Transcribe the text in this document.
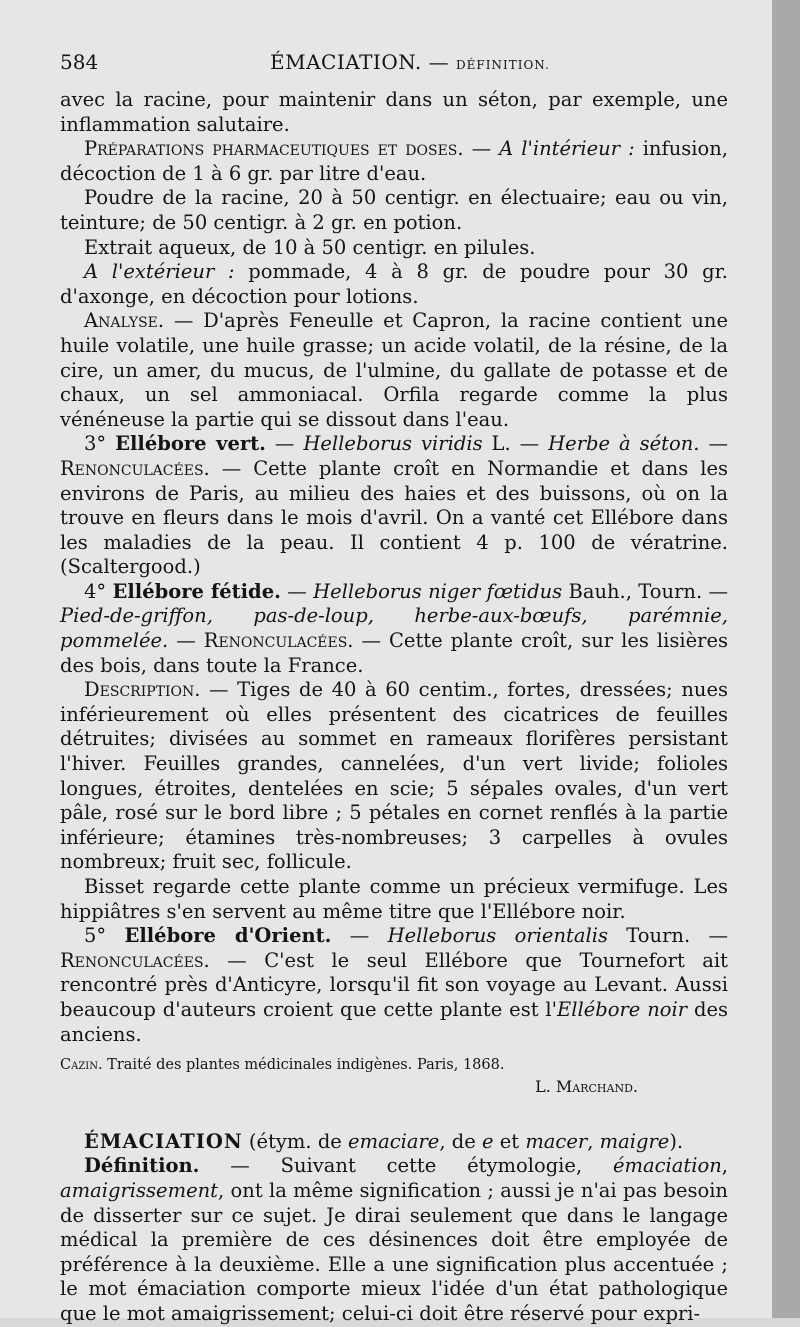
584	ÉMACIATION. — DÉFINITION.

avec la racine, pour maintenir dans un séton, par exemple, une inflammation salutaire.

Préparations pharmaceutiques et doses. — A l'intérieur : infusion, décoction de 1 à 6 gr. par litre d'eau.

Poudre de la racine, 20 à 50 centigr. en électuaire; eau ou vin, teinture; de 50 centigr. à 2 gr. en potion.

Extrait aqueux, de 10 à 50 centigr. en pilules.

A l'extérieur : pommade, 4 à 8 gr. de poudre pour 30 gr. d'axonge, en décoction pour lotions.

Analyse. — D'après Feneulle et Capron, la racine contient une huile volatile, une huile grasse; un acide volatil, de la résine, de la cire, un amer, du mucus, de l'ulmine, du gallate de potasse et de chaux, un sel ammoniacal. Orfila regarde comme la plus vénéneuse la partie qui se dissout dans l'eau.

3° Ellébore vert. — Helleborus viridis L. — Herbe à séton. — Renonculacées. — Cette plante croît en Normandie et dans les environs de Paris, au milieu des haies et des buissons, où on la trouve en fleurs dans le mois d'avril. On a vanté cet Ellébore dans les maladies de la peau. Il contient 4 p. 100 de vératrine. (Scaltergood.)

4° Ellébore fétide. — Helleborus niger fœtidus Bauh., Tourn. — Pied-de-griffon, pas-de-loup, herbe-aux-bœufs, parémnie, pommelée. — Renonculacées. — Cette plante croît, sur les lisières des bois, dans toute la France.

Description. — Tiges de 40 à 60 centim., fortes, dressées; nues inférieurement où elles présentent des cicatrices de feuilles détruites; divisées au sommet en rameaux florifères persistant l'hiver. Feuilles grandes, cannelées, d'un vert livide; folioles longues, étroites, dentelées en scie; 5 sépales ovales, d'un vert pâle, rosé sur le bord libre ; 5 pétales en cornet renflés à la partie inférieure; étamines très-nombreuses; 3 carpelles à ovules nombreux; fruit sec, follicule.

Bisset regarde cette plante comme un précieux vermifuge. Les hippiâtres s'en servent au même titre que l'Ellébore noir.

5° Ellébore d'Orient. — Helleborus orientalis Tourn. — Renonculacées. — C'est le seul Ellébore que Tournefort ait rencontré près d'Anticyre, lorsqu'il fit son voyage au Levant. Aussi beaucoup d'auteurs croient que cette plante est l'Ellébore noir des anciens.

Cazin. Traité des plantes médicinales indigènes. Paris, 1868.

L. Marchand.

ÉMACIATION (étym. de emaciare, de e et macer, maigre).

Définition. — Suivant cette étymologie, émaciation, amaigrissement, ont la même signification ; aussi je n'ai pas besoin de disserter sur ce sujet. Je dirai seulement que dans le langage médical la première de ces désinences doit être employée de préférence à la deuxième. Elle a une signification plus accentuée ; le mot émaciation comporte mieux l'idée d'un état pathologique que le mot amaigrissement; celui-ci doit être réservé pour expri-
